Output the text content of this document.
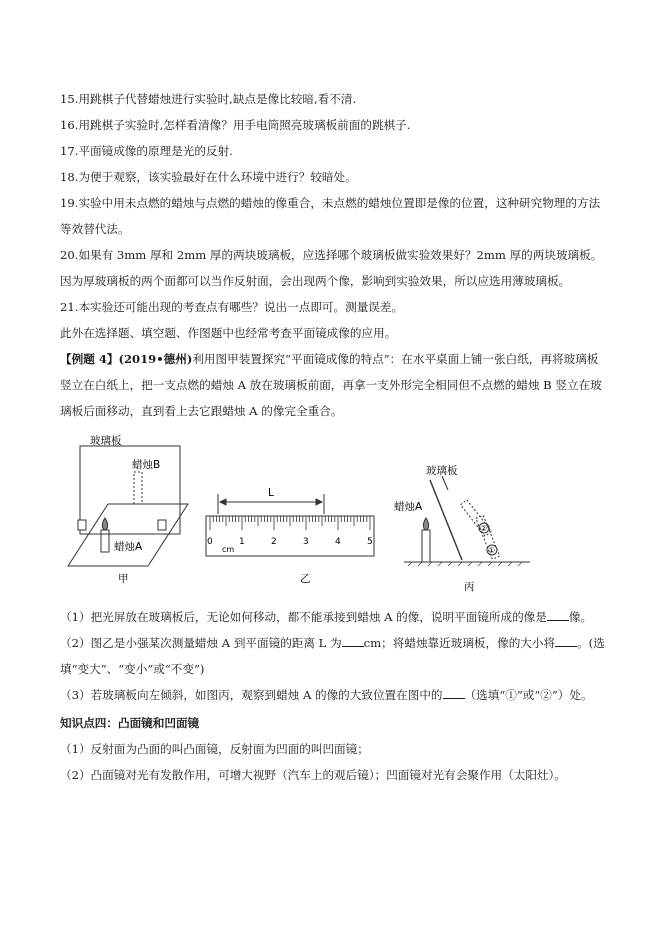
15.用跳棋子代替蜡烛进行实验时,缺点是像比较暗,看不清.

16.用跳棋子实验时,怎样看清像？用手电筒照亮玻璃板前面的跳棋子.

17.平面镜成像的原理是光的反射.

18.为便于观察，该实验最好在什么环境中进行？较暗处。

19.实验中用未点燃的蜡烛与点燃的蜡烛的像重合，未点燃的蜡烛位置即是像的位置，这种研究物理的方法等效替代法。

20.如果有 3mm 厚和 2mm 厚的两块玻璃板，应选择哪个玻璃板做实验效果好？2mm 厚的两块玻璃板。因为厚玻璃板的两个面都可以当作反射面，会出现两个像，影响到实验效果，所以应选用薄玻璃板。

21.本实验还可能出现的考查点有哪些？说出一点即可。测量误差。

此外在选择题、填空题、作图题中也经常考查平面镜成像的应用。

【例题 4】(2019•德州)利用图甲装置探究“平面镜成像的特点”：在水平桌面上铺一张白纸，再将玻璃板竖立在白纸上，把一支点燃的蜡烛 A 放在玻璃板前面，再拿一支外形完全相同但不点燃的蜡烛 B 竖立在玻璃板后面移动，直到看上去它跟蜡烛 A 的像完全重合。

玻璃板
蜡烛B
蜡烛A
甲
L
cm
0	1	2	3	4	5
乙
玻璃板
蜡烛A
①
②
丙

（1）把光屏放在玻璃板后，无论如何移动，都不能承接到蜡烛 A 的像，说明平面镜所成的像是 像。

（2）图乙是小强某次测量蜡烛 A 到平面镜的距离 L 为 cm；将蜡烛靠近玻璃板，像的大小将 。(选填“变大”、“变小”或“不变”)

（3）若玻璃板向左倾斜，如图丙，观察到蜡烛 A 的像的大致位置在图中的 （选填“①”或“②”）处。

知识点四：凸面镜和凹面镜

（1）反射面为凸面的叫凸面镜，反射面为凹面的叫凹面镜；

（2）凸面镜对光有发散作用，可增大视野（汽车上的观后镜）；凹面镜对光有会聚作用（太阳灶）。
